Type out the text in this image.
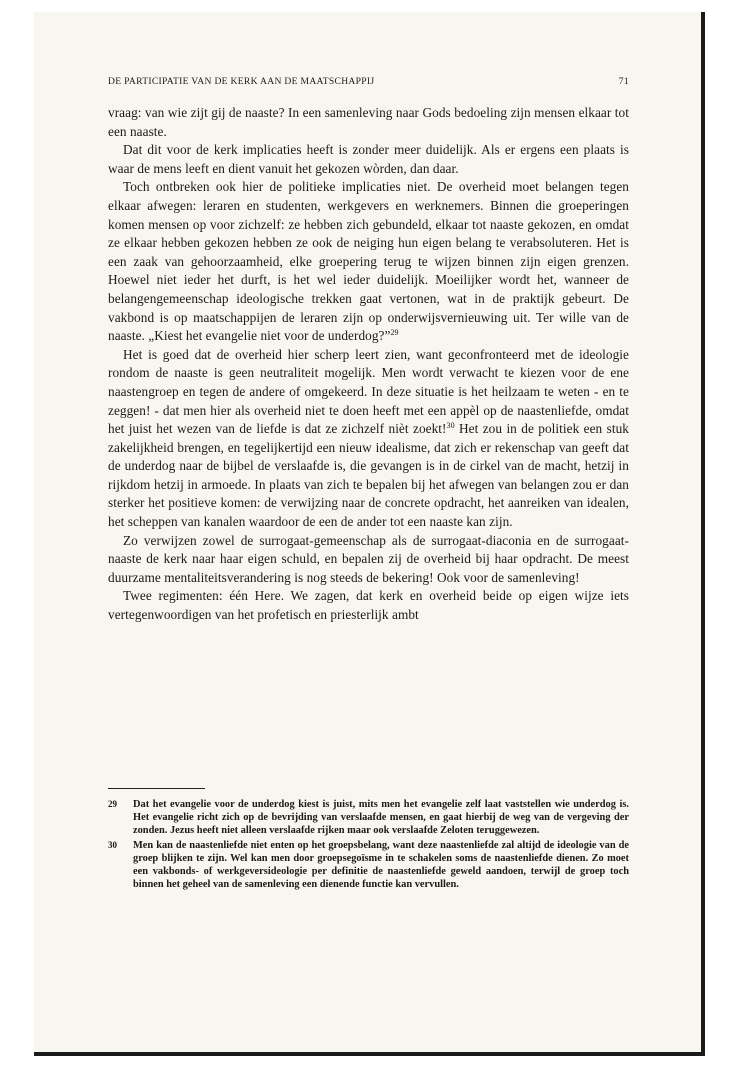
DE PARTICIPATIE VAN DE KERK AAN DE MAATSCHAPPIJ	71

vraag: van wie zijt gij de naaste? In een samenleving naar Gods bedoeling zijn mensen elkaar tot een naaste.

Dat dit voor de kerk implicaties heeft is zonder meer duidelijk. Als er ergens een plaats is waar de mens leeft en dient vanuit het gekozen wòrden, dan daar.

Toch ontbreken ook hier de politieke implicaties niet. De overheid moet belangen tegen elkaar afwegen: leraren en studenten, werkgevers en werknemers. Binnen die groeperingen komen mensen op voor zichzelf: ze hebben zich gebundeld, elkaar tot naaste gekozen, en omdat ze elkaar hebben gekozen hebben ze ook de neiging hun eigen belang te verabsoluteren. Het is een zaak van gehoorzaamheid, elke groepering terug te wijzen binnen zijn eigen grenzen. Hoewel niet ieder het durft, is het wel ieder duidelijk. Moeilijker wordt het, wanneer de belangengemeenschap ideologische trekken gaat vertonen, wat in de praktijk gebeurt. De vakbond is op maatschappijen de leraren zijn op onderwijsvernieuwing uit. Ter wille van de naaste. „Kiest het evangelie niet voor de underdog?”$^{29}$

Het is goed dat de overheid hier scherp leert zien, want geconfronteerd met de ideologie rondom de naaste is geen neutraliteit mogelijk. Men wordt verwacht te kiezen voor de ene naastengroep en tegen de andere of omgekeerd. In deze situatie is het heilzaam te weten - en te zeggen! - dat men hier als overheid niet te doen heeft met een appèl op de naastenliefde, omdat het juist het wezen van de liefde is dat ze zichzelf nièt zoekt!$^{30}$ Het zou in de politiek een stuk zakelijkheid brengen, en tegelijkertijd een nieuw idealisme, dat zich er rekenschap van geeft dat de underdog naar de bijbel de verslaafde is, die gevangen is in de cirkel van de macht, hetzij in rijkdom hetzij in armoede. In plaats van zich te bepalen bij het afwegen van belangen zou er dan sterker het positieve komen: de verwijzing naar de concrete opdracht, het aanreiken van idealen, het scheppen van kanalen waardoor de een de ander tot een naaste kan zijn.

Zo verwijzen zowel de surrogaat-gemeenschap als de surrogaat-diaconia en de surrogaat-naaste de kerk naar haar eigen schuld, en bepalen zij de overheid bij haar opdracht. De meest duurzame mentaliteitsverandering is nog steeds de bekering! Ook voor de samenleving!

Twee regimenten: één Here. We zagen, dat kerk en overheid beide op eigen wijze iets vertegenwoordigen van het profetisch en priesterlijk ambt

29	Dat het evangelie voor de underdog kiest is juist, mits men het evangelie zelf laat vaststellen wie underdog is. Het evangelie richt zich op de bevrijding van verslaafde mensen, en gaat hierbij de weg van de vergeving der zonden. Jezus heeft niet alleen verslaafde rijken maar ook verslaafde Zeloten teruggewezen.
30	Men kan de naastenliefde niet enten op het groepsbelang, want deze naastenliefde zal altijd de ideologie van de groep blijken te zijn. Wel kan men door groepsegoïsme in te schakelen soms de naastenliefde dienen. Zo moet een vakbonds- of werkgeversideologie per definitie de naastenliefde geweld aandoen, terwijl de groep toch binnen het geheel van de samenleving een dienende functie kan vervullen.
